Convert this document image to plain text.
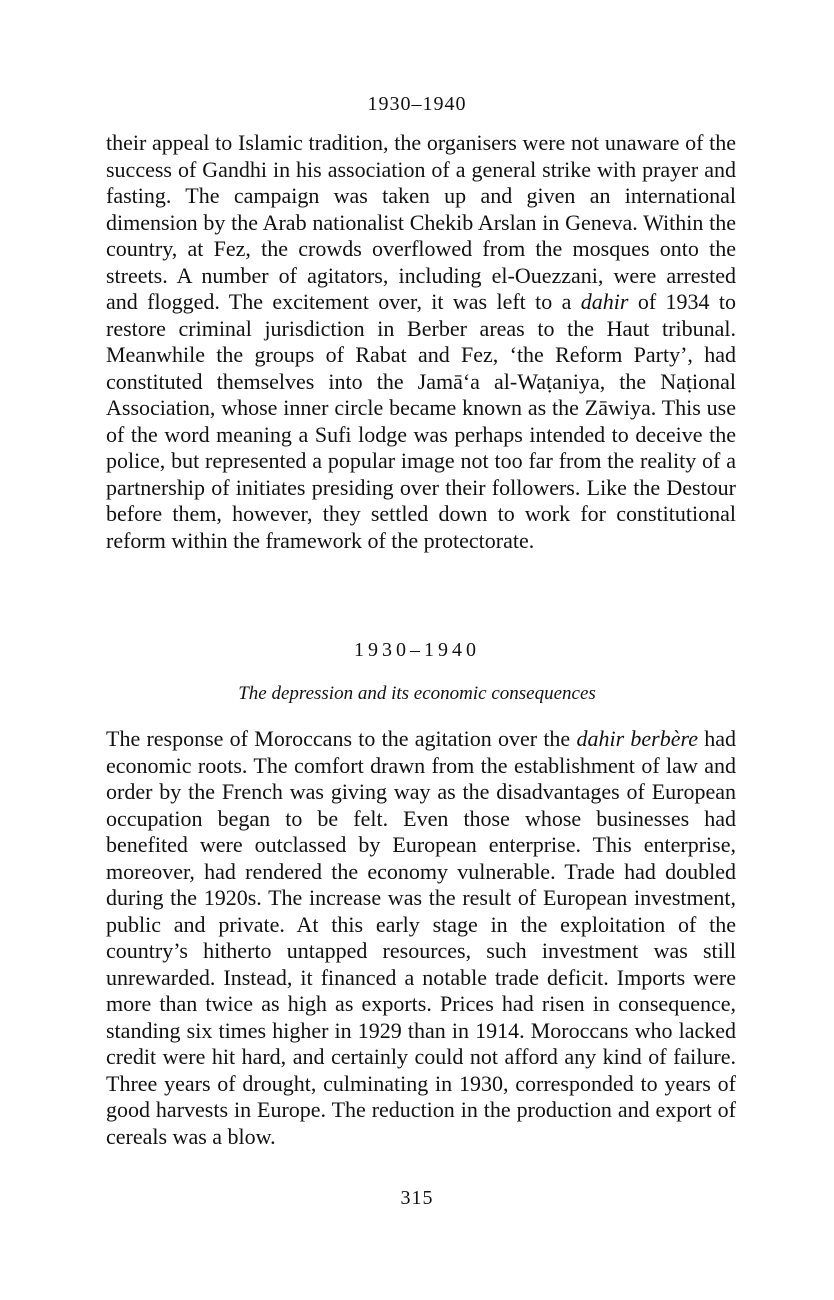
1930–1940

their appeal to Islamic tradition, the organisers were not unaware of the success of Gandhi in his association of a general strike with prayer and fasting. The campaign was taken up and given an international dimension by the Arab nationalist Chekib Arslan in Geneva. Within the country, at Fez, the crowds overflowed from the mosques onto the streets. A number of agitators, including el-Ouezzani, were arrested and flogged. The excitement over, it was left to a dahir of 1934 to restore criminal jurisdiction in Berber areas to the Haut tribunal. Meanwhile the groups of Rabat and Fez, ‘the Reform Party’, had constituted themselves into the Jamā‘a al-Waṭaniya, the Naṭional Association, whose inner circle became known as the Zāwiya. This use of the word meaning a Sufi lodge was perhaps intended to deceive the police, but represented a popular image not too far from the reality of a partnership of initiates presiding over their followers. Like the Destour before them, however, they settled down to work for constitutional reform within the framework of the protectorate.

1930–1940
The depression and its economic consequences

The response of Moroccans to the agitation over the dahir berbère had economic roots. The comfort drawn from the establishment of law and order by the French was giving way as the disadvantages of European occupation began to be felt. Even those whose businesses had benefited were outclassed by European enterprise. This enterprise, moreover, had rendered the economy vulnerable. Trade had doubled during the 1920s. The increase was the result of European investment, public and private. At this early stage in the exploitation of the country’s hitherto untapped resources, such investment was still unrewarded. Instead, it financed a notable trade deficit. Imports were more than twice as high as exports. Prices had risen in consequence, standing six times higher in 1929 than in 1914. Moroccans who lacked credit were hit hard, and certainly could not afford any kind of failure. Three years of drought, culminating in 1930, corresponded to years of good harvests in Europe. The reduction in the production and export of cereals was a blow.

315
